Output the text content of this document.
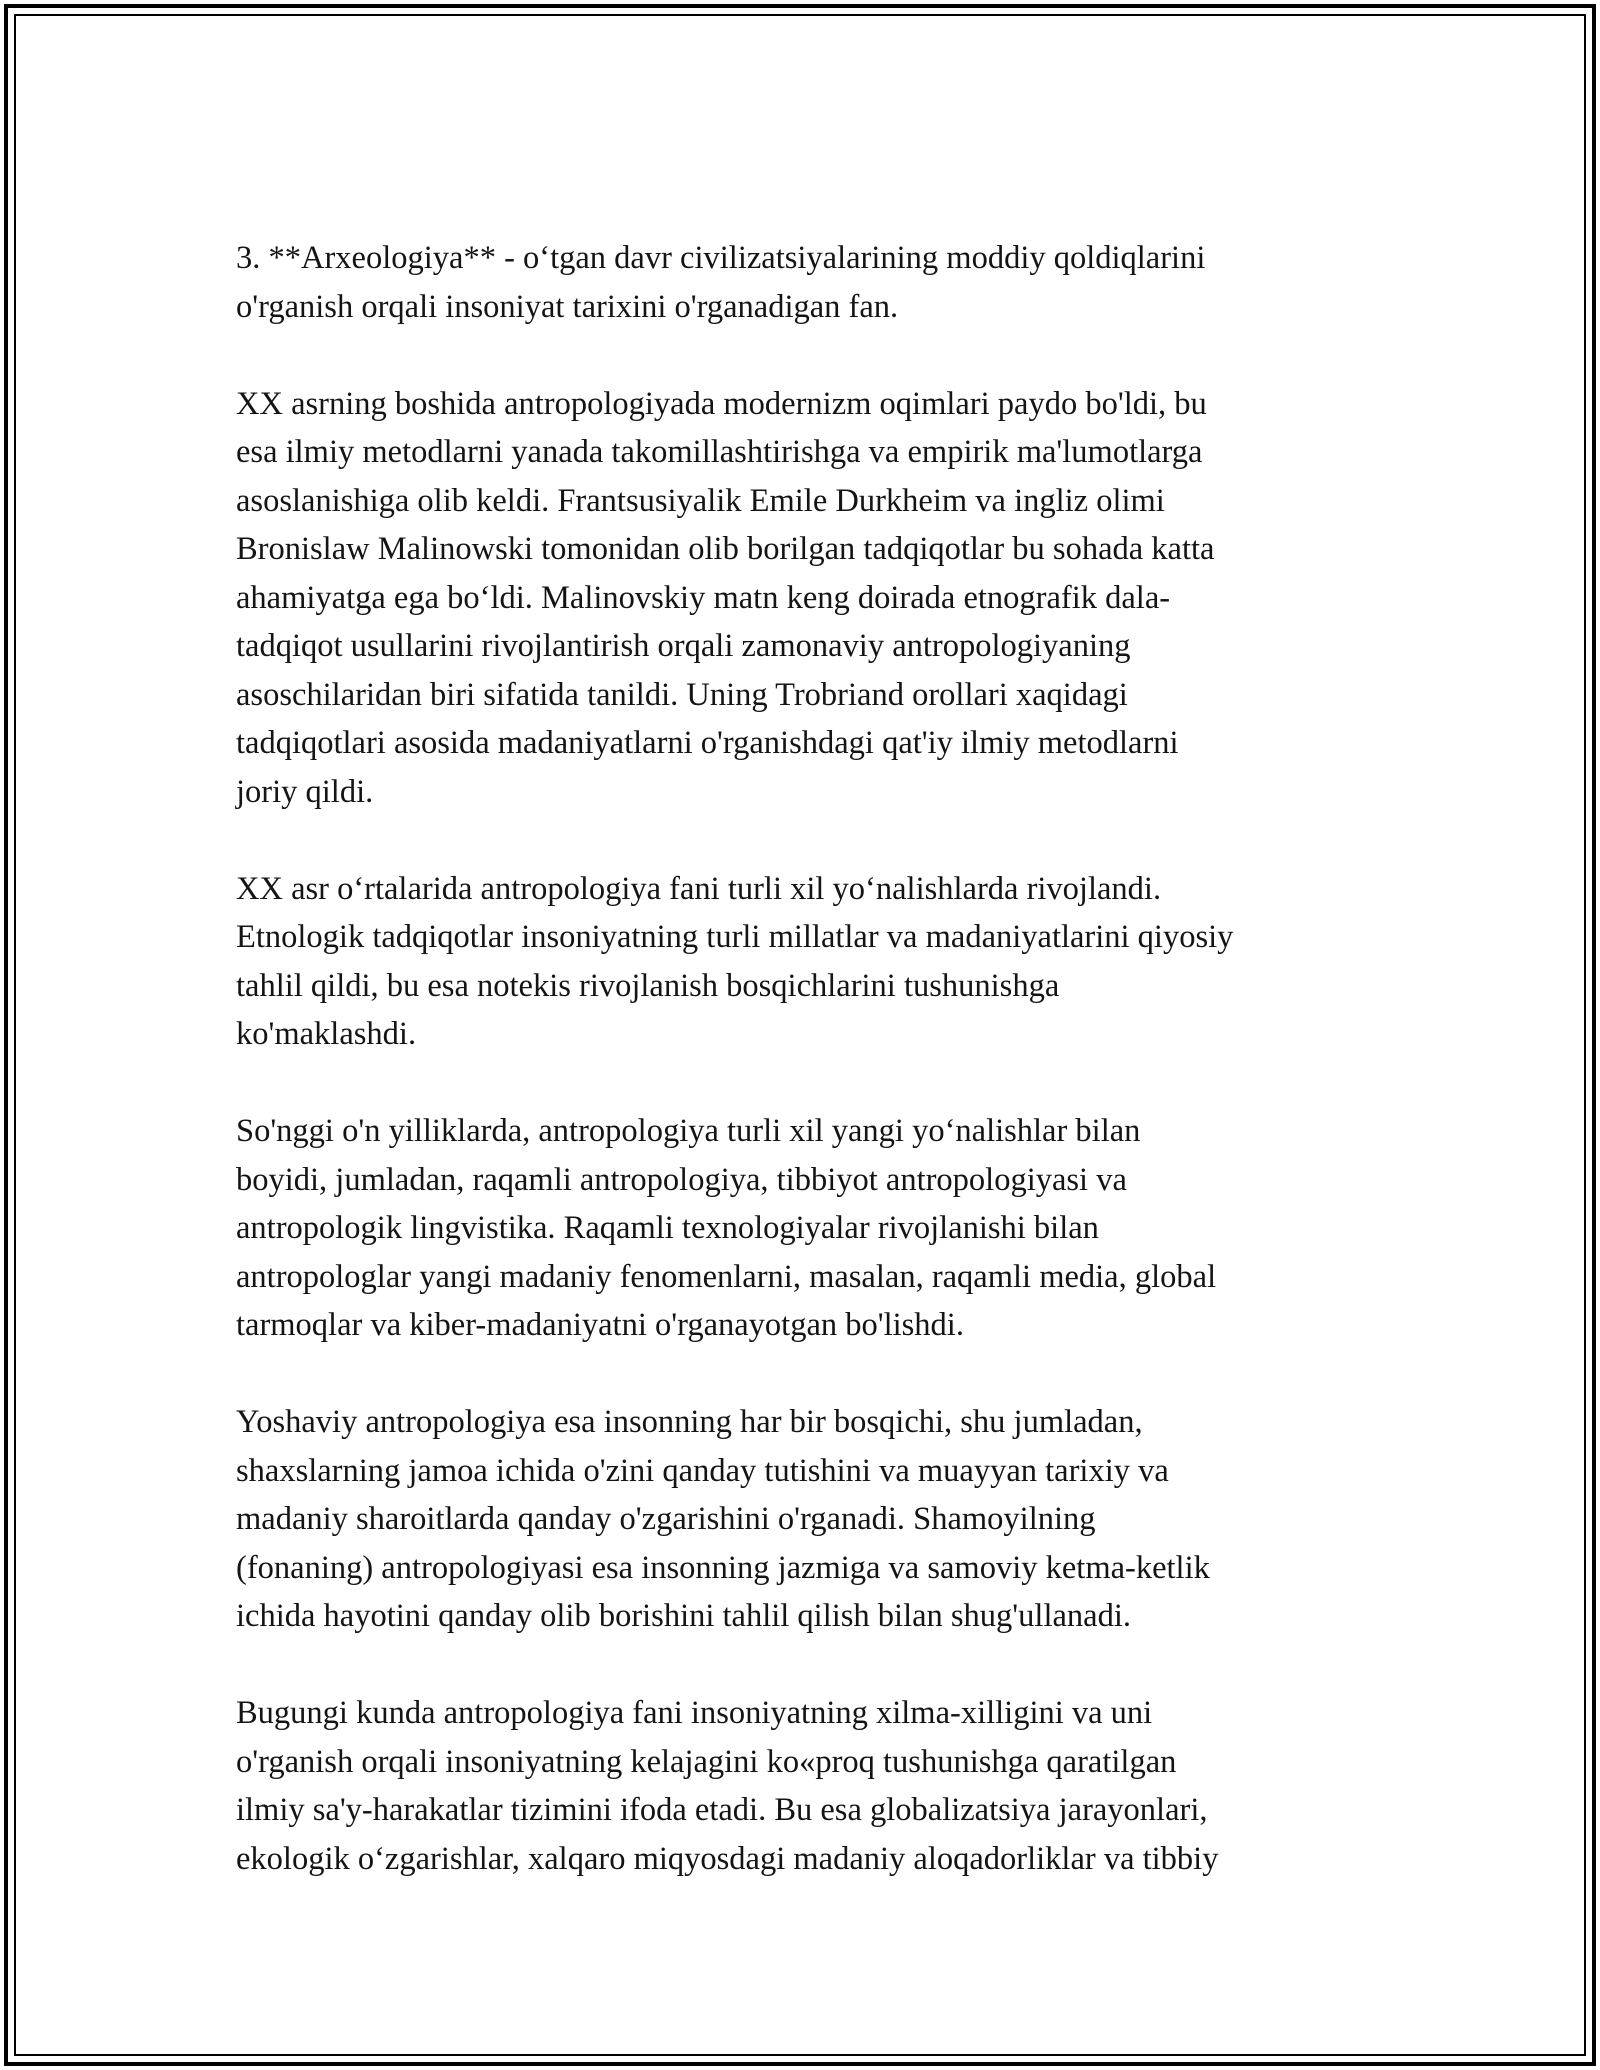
3. **Arxeologiya** - o‘tgan davr civilizatsiyalarining moddiy qoldiqlarini
o'rganish orqali insoniyat tarixini o'rganadigan fan.

XX asrning boshida antropologiyada modernizm oqimlari paydo bo'ldi, bu
esa ilmiy metodlarni yanada takomillashtirishga va empirik ma'lumotlarga
asoslanishiga olib keldi. Frantsusiyalik Emile Durkheim va ingliz olimi
Bronislaw Malinowski tomonidan olib borilgan tadqiqotlar bu sohada katta
ahamiyatga ega bo‘ldi. Malinovskiy matn keng doirada etnografik dala-
tadqiqot usullarini rivojlantirish orqali zamonaviy antropologiyaning
asoschilaridan biri sifatida tanildi. Uning Trobriand orollari xaqidagi
tadqiqotlari asosida madaniyatlarni o'rganishdagi qat'iy ilmiy metodlarni
joriy qildi.

XX asr o‘rtalarida antropologiya fani turli xil yo‘nalishlarda rivojlandi.
Etnologik tadqiqotlar insoniyatning turli millatlar va madaniyatlarini qiyosiy
tahlil qildi, bu esa notekis rivojlanish bosqichlarini tushunishga
ko'maklashdi.

So'nggi o'n yilliklarda, antropologiya turli xil yangi yo‘nalishlar bilan
boyidi, jumladan, raqamli antropologiya, tibbiyot antropologiyasi va
antropologik lingvistika. Raqamli texnologiyalar rivojlanishi bilan
antropologlar yangi madaniy fenomenlarni, masalan, raqamli media, global
tarmoqlar va kiber-madaniyatni o'rganayotgan bo'lishdi.

Yoshaviy antropologiya esa insonning har bir bosqichi, shu jumladan,
shaxslarning jamoa ichida o'zini qanday tutishini va muayyan tarixiy va
madaniy sharoitlarda qanday o'zgarishini o'rganadi. Shamoyilning
(fonaning) antropologiyasi esa insonning jazmiga va samoviy ketma-ketlik
ichida hayotini qanday olib borishini tahlil qilish bilan shug'ullanadi.

Bugungi kunda antropologiya fani insoniyatning xilma-xilligini va uni
o'rganish orqali insoniyatning kelajagini ko«proq tushunishga qaratilgan
ilmiy sa'y-harakatlar tizimini ifoda etadi. Bu esa globalizatsiya jarayonlari,
ekologik o‘zgarishlar, xalqaro miqyosdagi madaniy aloqadorliklar va tibbiy
